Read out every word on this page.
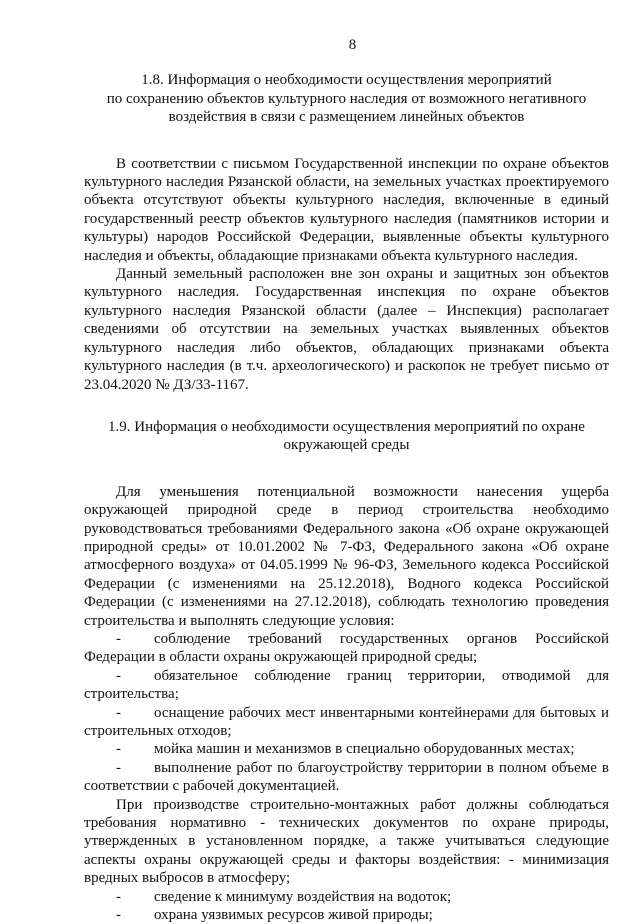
8
1.8. Информация о необходимости осуществления мероприятий
по сохранению объектов культурного наследия от возможного негативного
воздействия в связи с размещением линейных объектов

В соответствии с письмом Государственной инспекции по охране объектов культурного наследия Рязанской области, на земельных участках проектируемого объекта отсутствуют объекты культурного наследия, включенные в единый государственный реестр объектов культурного наследия (памятников истории и культуры) народов Российской Федерации, выявленные объекты культурного наследия и объекты, обладающие признаками объекта культурного наследия.

Данный земельный расположен вне зон охраны и защитных зон объектов культурного наследия. Государственная инспекция по охране объектов культурного наследия Рязанской области (далее – Инспекция) располагает сведениями об отсутствии на земельных участках выявленных объектов культурного наследия либо объектов, обладающих признаками объекта культурного наследия (в т.ч. археологического) и раскопок не требует письмо от 23.04.2020 № ДЗ/33-1167.

1.9. Информация о необходимости осуществления мероприятий по охране
окружающей среды

Для уменьшения потенциальной возможности нанесения ущерба окружающей природной среде в период строительства необходимо руководствоваться требованиями Федерального закона «Об охране окружающей природной среды» от 10.01.2002 № 7-ФЗ, Федерального закона «Об охране атмосферного воздуха» от 04.05.1999 № 96-ФЗ, Земельного кодекса Российской Федерации (с изменениями на 25.12.2018), Водного кодекса Российской Федерации (с изменениями на 27.12.2018), соблюдать технологию проведения строительства и выполнять следующие условия:

- соблюдение требований государственных органов Российской Федерации в области охраны окружающей природной среды;
- обязательное соблюдение границ территории, отводимой для строительства;
- оснащение рабочих мест инвентарными контейнерами для бытовых и строительных отходов;
- мойка машин и механизмов в специально оборудованных местах;
- выполнение работ по благоустройству территории в полном объеме в соответствии с рабочей документацией.

При производстве строительно-монтажных работ должны соблюдаться требования нормативно - технических документов по охране природы, утвержденных в установленном порядке, а также учитываться следующие аспекты охраны окружающей среды и факторы воздействия: - минимизация вредных выбросов в атмосферу;

- сведение к минимуму воздействия на водоток;
- охрана уязвимых ресурсов живой природы;
